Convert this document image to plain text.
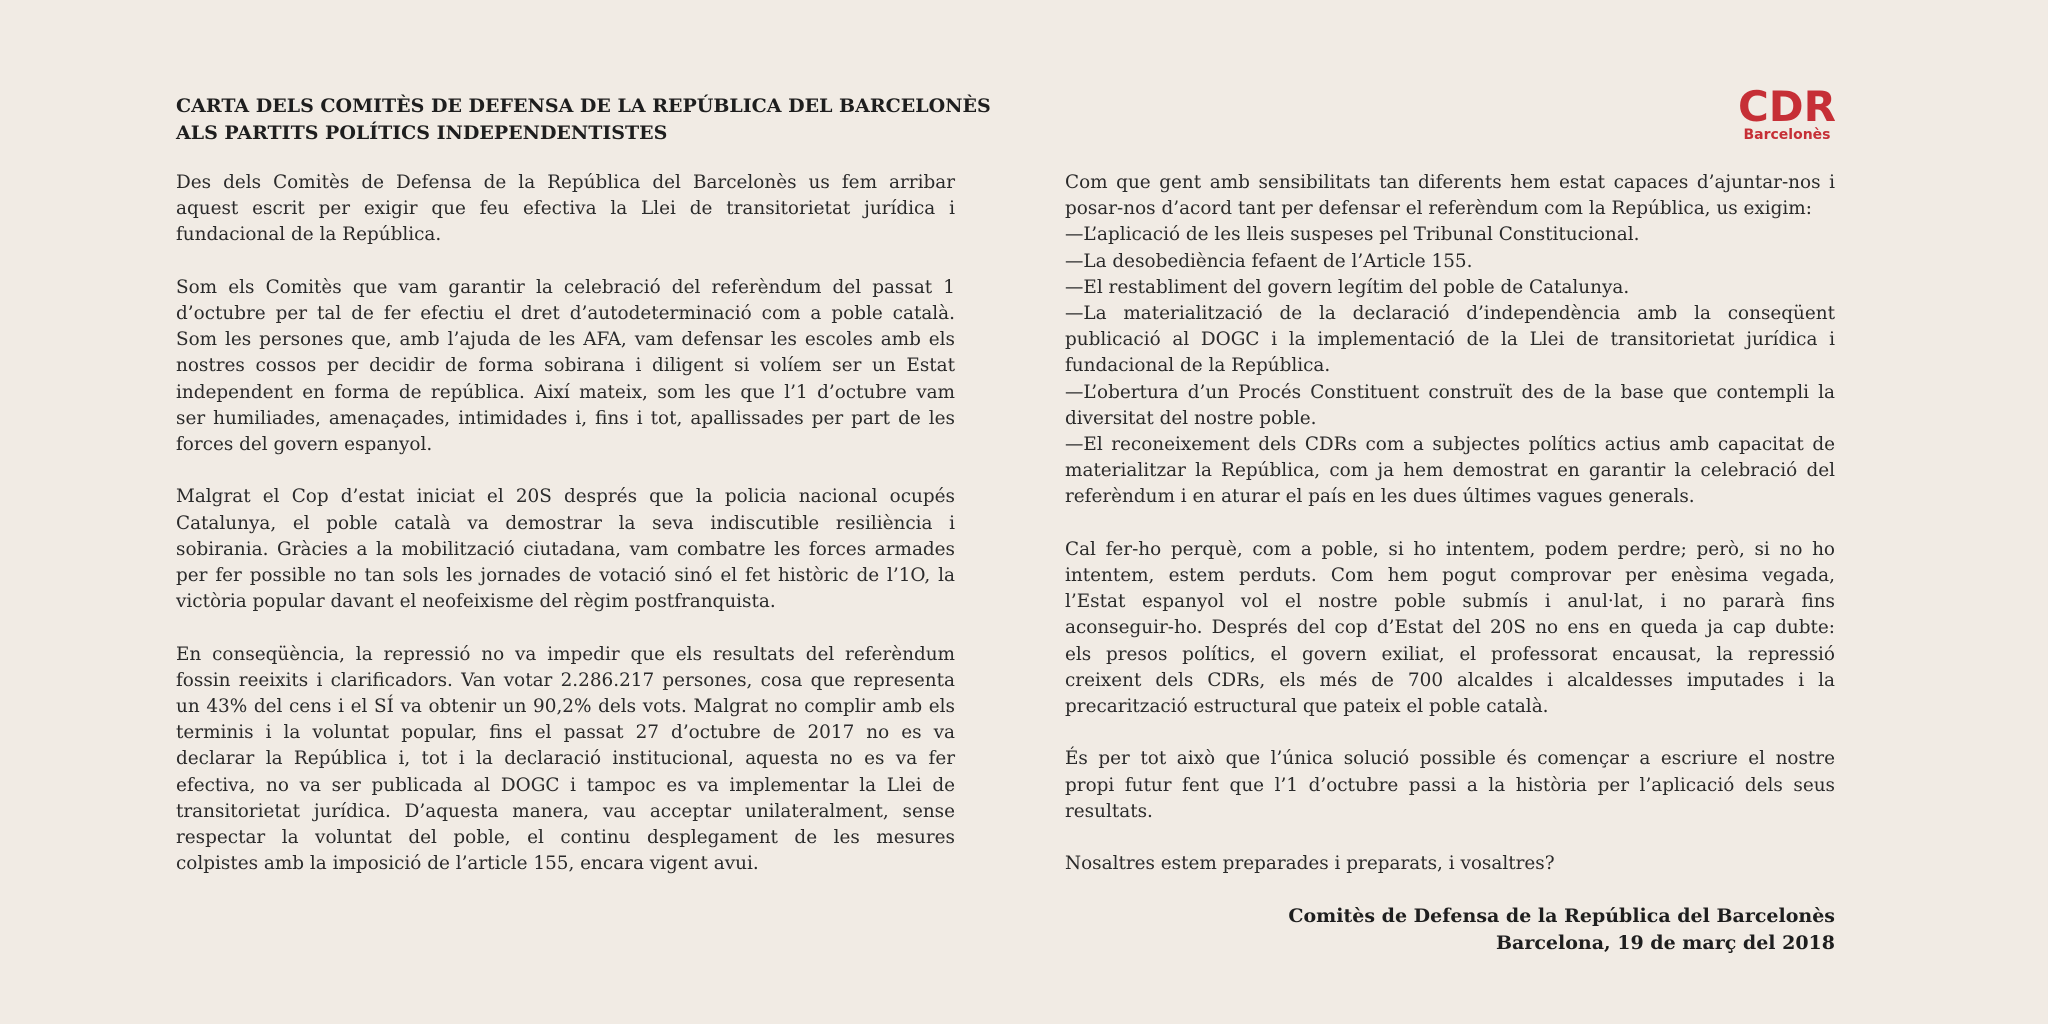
CARTA DELS COMITÈS DE DEFENSA DE LA REPÚBLICA DEL BARCELONÈS
ALS PARTITS POLÍTICS INDEPENDENTISTES
CDR
Barcelonès
Des dels Comitès de Defensa de la República del Barcelonès us fem arribar
aquest escrit per exigir que feu efectiva la Llei de transitorietat jurídica i
fundacional de la República.
Som els Comitès que vam garantir la celebració del referèndum del passat 1
d’octubre per tal de fer efectiu el dret d’autodeterminació com a poble català.
Som les persones que, amb l’ajuda de les AFA, vam defensar les escoles amb els
nostres cossos per decidir de forma sobirana i diligent si volíem ser un Estat
independent en forma de república. Així mateix, som les que l’1 d’octubre vam
ser humiliades, amenaçades, intimidades i, fins i tot, apallissades per part de les
forces del govern espanyol.
Malgrat el Cop d’estat iniciat el 20S després que la policia nacional ocupés
Catalunya, el poble català va demostrar la seva indiscutible resiliència i
sobirania. Gràcies a la mobilització ciutadana, vam combatre les forces armades
per fer possible no tan sols les jornades de votació sinó el fet històric de l’1O, la
victòria popular davant el neofeixisme del règim postfranquista.
En conseqüència, la repressió no va impedir que els resultats del referèndum
fossin reeixits i clarificadors. Van votar 2.286.217 persones, cosa que representa
un 43% del cens i el SÍ va obtenir un 90,2% dels vots. Malgrat no complir amb els
terminis i la voluntat popular, fins el passat 27 d’octubre de 2017 no es va
declarar la República i, tot i la declaració institucional, aquesta no es va fer
efectiva, no va ser publicada al DOGC i tampoc es va implementar la Llei de
transitorietat jurídica. D’aquesta manera, vau acceptar unilateralment, sense
respectar la voluntat del poble, el continu desplegament de les mesures
colpistes amb la imposició de l’article 155, encara vigent avui.
Com que gent amb sensibilitats tan diferents hem estat capaces d’ajuntar-nos i
posar-nos d’acord tant per defensar el referèndum com la República, us exigim:
—L’aplicació de les lleis suspeses pel Tribunal Constitucional.
—La desobediència fefaent de l’Article 155.
—El restabliment del govern legítim del poble de Catalunya.
—La materialització de la declaració d’independència amb la conseqüent
publicació al DOGC i la implementació de la Llei de transitorietat jurídica i
fundacional de la República.
—L’obertura d’un Procés Constituent construït des de la base que contempli la
diversitat del nostre poble.
—El reconeixement dels CDRs com a subjectes polítics actius amb capacitat de
materialitzar la República, com ja hem demostrat en garantir la celebració del
referèndum i en aturar el país en les dues últimes vagues generals.
Cal fer-ho perquè, com a poble, si ho intentem, podem perdre; però, si no ho
intentem, estem perduts. Com hem pogut comprovar per enèsima vegada,
l’Estat espanyol vol el nostre poble submís i anul·lat, i no pararà fins
aconseguir-ho. Després del cop d’Estat del 20S no ens en queda ja cap dubte:
els presos polítics, el govern exiliat, el professorat encausat, la repressió
creixent dels CDRs, els més de 700 alcaldes i alcaldesses imputades i la
precarització estructural que pateix el poble català.
És per tot això que l’única solució possible és començar a escriure el nostre
propi futur fent que l’1 d’octubre passi a la història per l’aplicació dels seus
resultats.
Nosaltres estem preparades i preparats, i vosaltres?
Comitès de Defensa de la República del Barcelonès
Barcelona, 19 de març del 2018
